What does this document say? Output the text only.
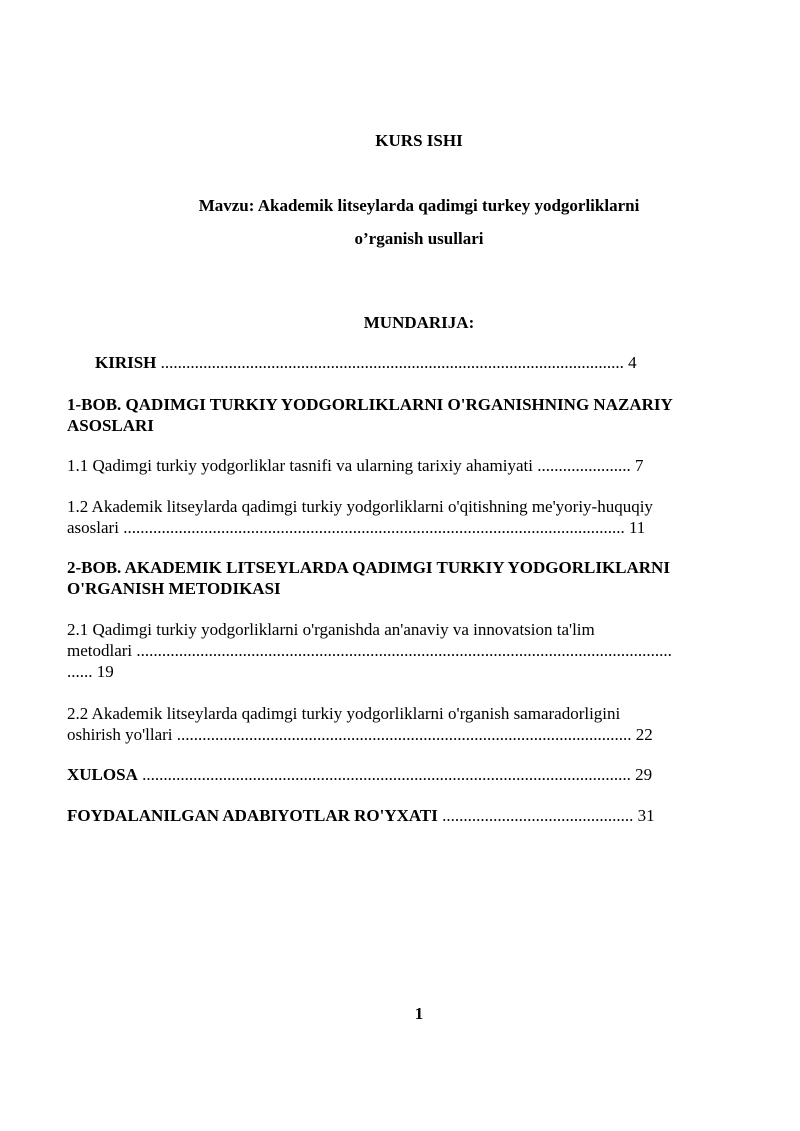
KURS ISHI
Mavzu: Akademik litseylarda qadimgi turkey yodgorliklarni
o’rganish usullari
MUNDARIJA:
KIRISH ............................................................................................................. 4
1-BOB. QADIMGI TURKIY YODGORLIKLARNI O'RGANISHNING NAZARIY
ASOSLARI
1.1 Qadimgi turkiy yodgorliklar tasnifi va ularning tarixiy ahamiyati ...................... 7
1.2 Akademik litseylarda qadimgi turkiy yodgorliklarni o'qitishning me'yoriy-huquqiy
asoslari ...................................................................................................................... 11
2-BOB. AKADEMIK LITSEYLARDA QADIMGI TURKIY YODGORLIKLARNI
O'RGANISH METODIKASI
2.1 Qadimgi turkiy yodgorliklarni o'rganishda an'anaviy va innovatsion ta'lim
metodlari ..............................................................................................................................
...... 19
2.2 Akademik litseylarda qadimgi turkiy yodgorliklarni o'rganish samaradorligini
oshirish yo'llari ........................................................................................................... 22
XULOSA ................................................................................................................... 29
FOYDALANILGAN ADABIYOTLAR RO'YXATI ............................................. 31
1
